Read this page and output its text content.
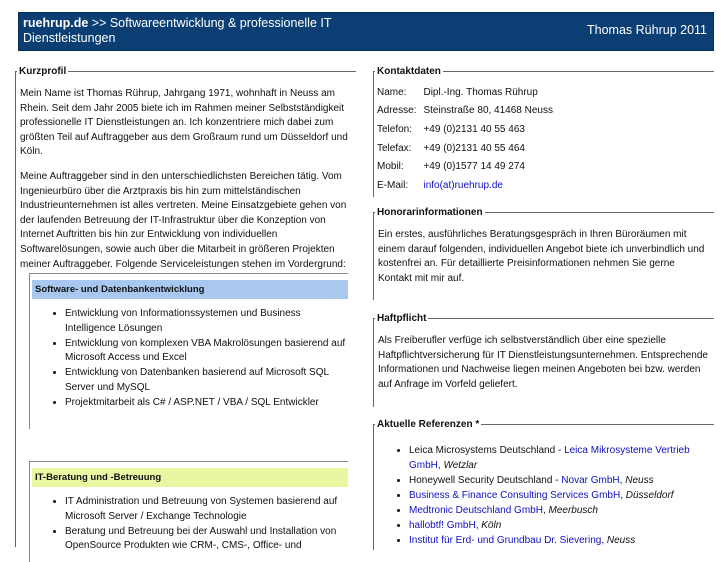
ruehrup.de >> Softwareentwicklung & professionelle IT Dienstleistungen
Thomas Rührup 2011
Kurzprofil

Mein Name ist Thomas Rührup, Jahrgang 1971, wohnhaft in Neuss am Rhein. Seit dem Jahr 2005 biete ich im Rahmen meiner Selbstständigkeit professionelle IT Dienstleistungen an. Ich konzentriere mich dabei zum größten Teil auf Auftraggeber aus dem Großraum rund um Düsseldorf und Köln.

Meine Auftraggeber sind in den unterschiedlichsten Bereichen tätig. Vom Ingenieurbüro über die Arztpraxis bis hin zum mittelständischen Industrieunternehmen ist alles vertreten. Meine Einsatzgebiete gehen von der laufenden Betreuung der IT-Infrastruktur über die Konzeption von Internet Auftritten bis hin zur Entwicklung von individuellen Softwarelösungen, sowie auch über die Mitarbeit in größeren Projekten meiner Auftraggeber. Folgende Serviceleistungen stehen im Vordergrund:

Software- und Datenbankentwicklung
• Entwicklung von Informationssystemen und Business Intelligence Lösungen
• Entwicklung von komplexen VBA Makrolösungen basierend auf Microsoft Access und Excel
• Entwicklung von Datenbanken basierend auf Microsoft SQL Server und MySQL
• Projektmitarbeit als C# / ASP.NET / VBA / SQL Entwickler
IT-Beratung und -Betreuung
• IT Administration und Betreuung von Systemen basierend auf Microsoft Server / Exchange Technologie
• Beratung und Betreuung bei der Auswahl und Installation von OpenSource Produkten wie CRM-, CMS-, Office- und
Kontaktdaten
Name:	Dipl.-Ing. Thomas Rührup
Adresse:	Steinstraße 80, 41468 Neuss
Telefon:	+49 (0)2131 40 55 463
Telefax:	+49 (0)2131 40 55 464
Mobil:	+49 (0)1577 14 49 274
E-Mail:	info(at)ruehrup.de
Honorarinformationen

Ein erstes, ausführliches Beratungsgespräch in Ihren Büroräumen mit einem darauf folgenden, individuellen Angebot biete ich unverbindlich und kostenfrei an. Für detaillierte Preisinformationen nehmen Sie gerne Kontakt mit mir auf.

Haftpflicht

Als Freiberufler verfüge ich selbstverständlich über eine spezielle Haftpflichtversicherung für IT Dienstleistungsunternehmen. Entsprechende Informationen und Nachweise liegen meinen Angeboten bei bzw. werden auf Anfrage im Vorfeld geliefert.

Aktuelle Referenzen *
• Leica Microsystems Deutschland - Leica Mikrosysteme Vertrieb GmbH, Wetzlar
• Honeywell Security Deutschland - Novar GmbH, Neuss
• Business & Finance Consulting Services GmbH, Düsseldorf
• Medtronic Deutschland GmbH, Meerbusch
• hallobtf! GmbH, Köln
• Institut für Erd- und Grundbau Dr. Sievering, Neuss
